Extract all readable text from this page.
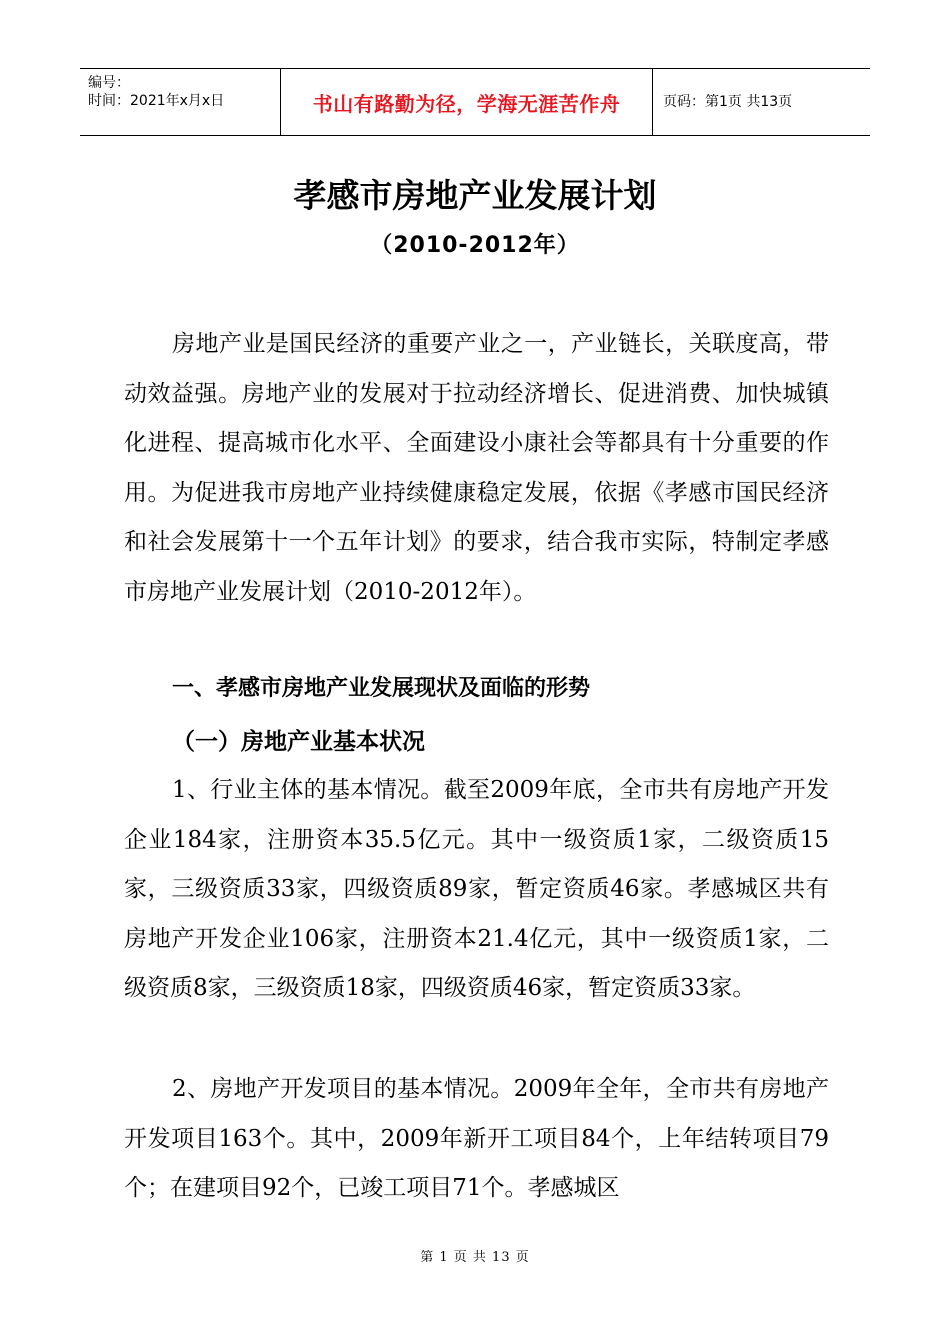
编号：
时间：2021年x月x日	书山有路勤为径，学海无涯苦作舟	页码：第1页 共13页
孝感市房地产业发展计划
（2010-2012年）

房地产业是国民经济的重要产业之一，产业链长，关联度高，带动效益强。房地产业的发展对于拉动经济增长、促进消费、加快城镇化进程、提高城市化水平、全面建设小康社会等都具有十分重要的作用。为促进我市房地产业持续健康稳定发展，依据《孝感市国民经济和社会发展第十一个五年计划》的要求，结合我市实际，特制定孝感市房地产业发展计划（2010-2012年）。

一、孝感市房地产业发展现状及面临的形势
（一）房地产业基本状况

1、行业主体的基本情况。截至2009年底，全市共有房地产开发企业184家，注册资本35.5亿元。其中一级资质1家，二级资质15家，三级资质33家，四级资质89家，暂定资质46家。孝感城区共有房地产开发企业106家，注册资本21.4亿元，其中一级资质1家，二级资质8家，三级资质18家，四级资质46家，暂定资质33家。

2、房地产开发项目的基本情况。2009年全年，全市共有房地产开发项目163个。其中，2009年新开工项目84个，上年结转项目79个；在建项目92个，已竣工项目71个。孝感城区

第 1 页 共 13 页
